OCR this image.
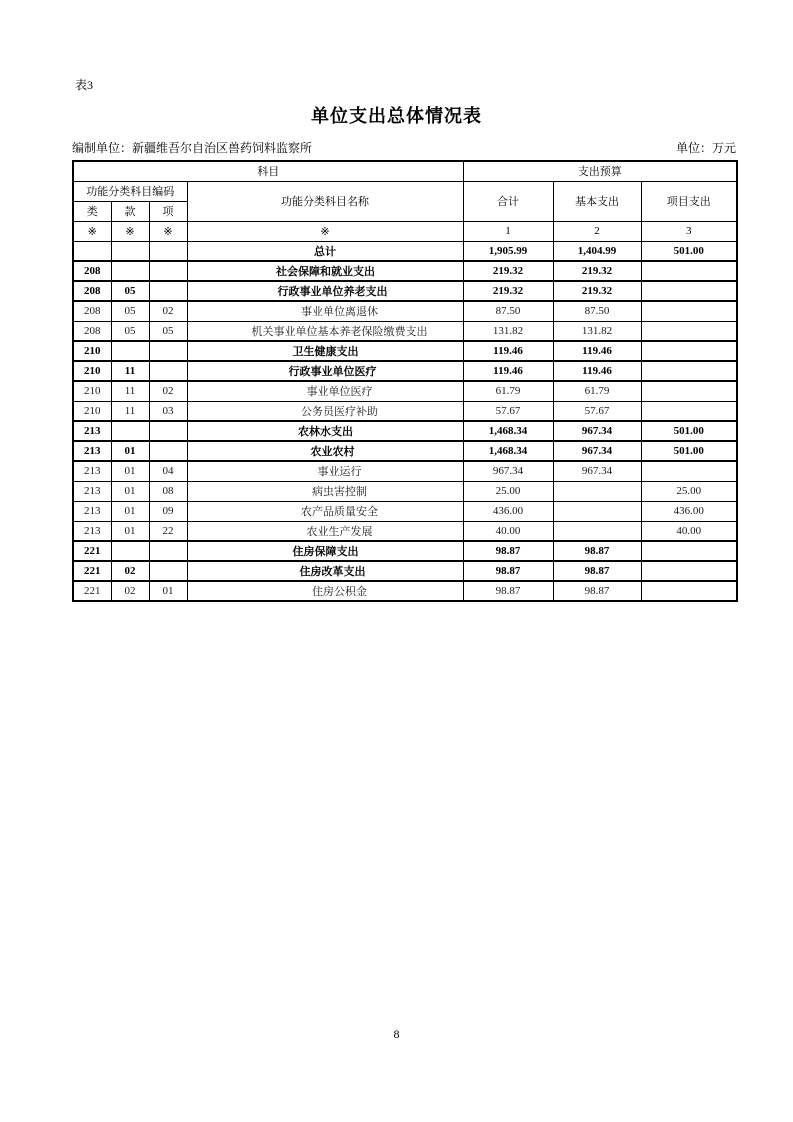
表3
单位支出总体情况表
编制单位：新疆维吾尔自治区兽药饲料监察所	单位：万元
科目				支出预算		
功能分类科目编码			功能分类科目名称	合计	基本支出	项目支出
类	款	项				
※	※	※	※	1	2	3
			总计	1,905.99	1,404.99	501.00
208			社会保障和就业支出	219.32	219.32	
208	05		行政事业单位养老支出	219.32	219.32	
208	05	02	事业单位离退休	87.50	87.50	
208	05	05	机关事业单位基本养老保险缴费支出	131.82	131.82	
210			卫生健康支出	119.46	119.46	
210	11		行政事业单位医疗	119.46	119.46	
210	11	02	事业单位医疗	61.79	61.79	
210	11	03	公务员医疗补助	57.67	57.67	
213			农林水支出	1,468.34	967.34	501.00
213	01		农业农村	1,468.34	967.34	501.00
213	01	04	事业运行	967.34	967.34	
213	01	08	病虫害控制	25.00		25.00
213	01	09	农产品质量安全	436.00		436.00
213	01	22	农业生产发展	40.00		40.00
221			住房保障支出	98.87	98.87	
221	02		住房改革支出	98.87	98.87	
221	02	01	住房公积金	98.87	98.87	
8
